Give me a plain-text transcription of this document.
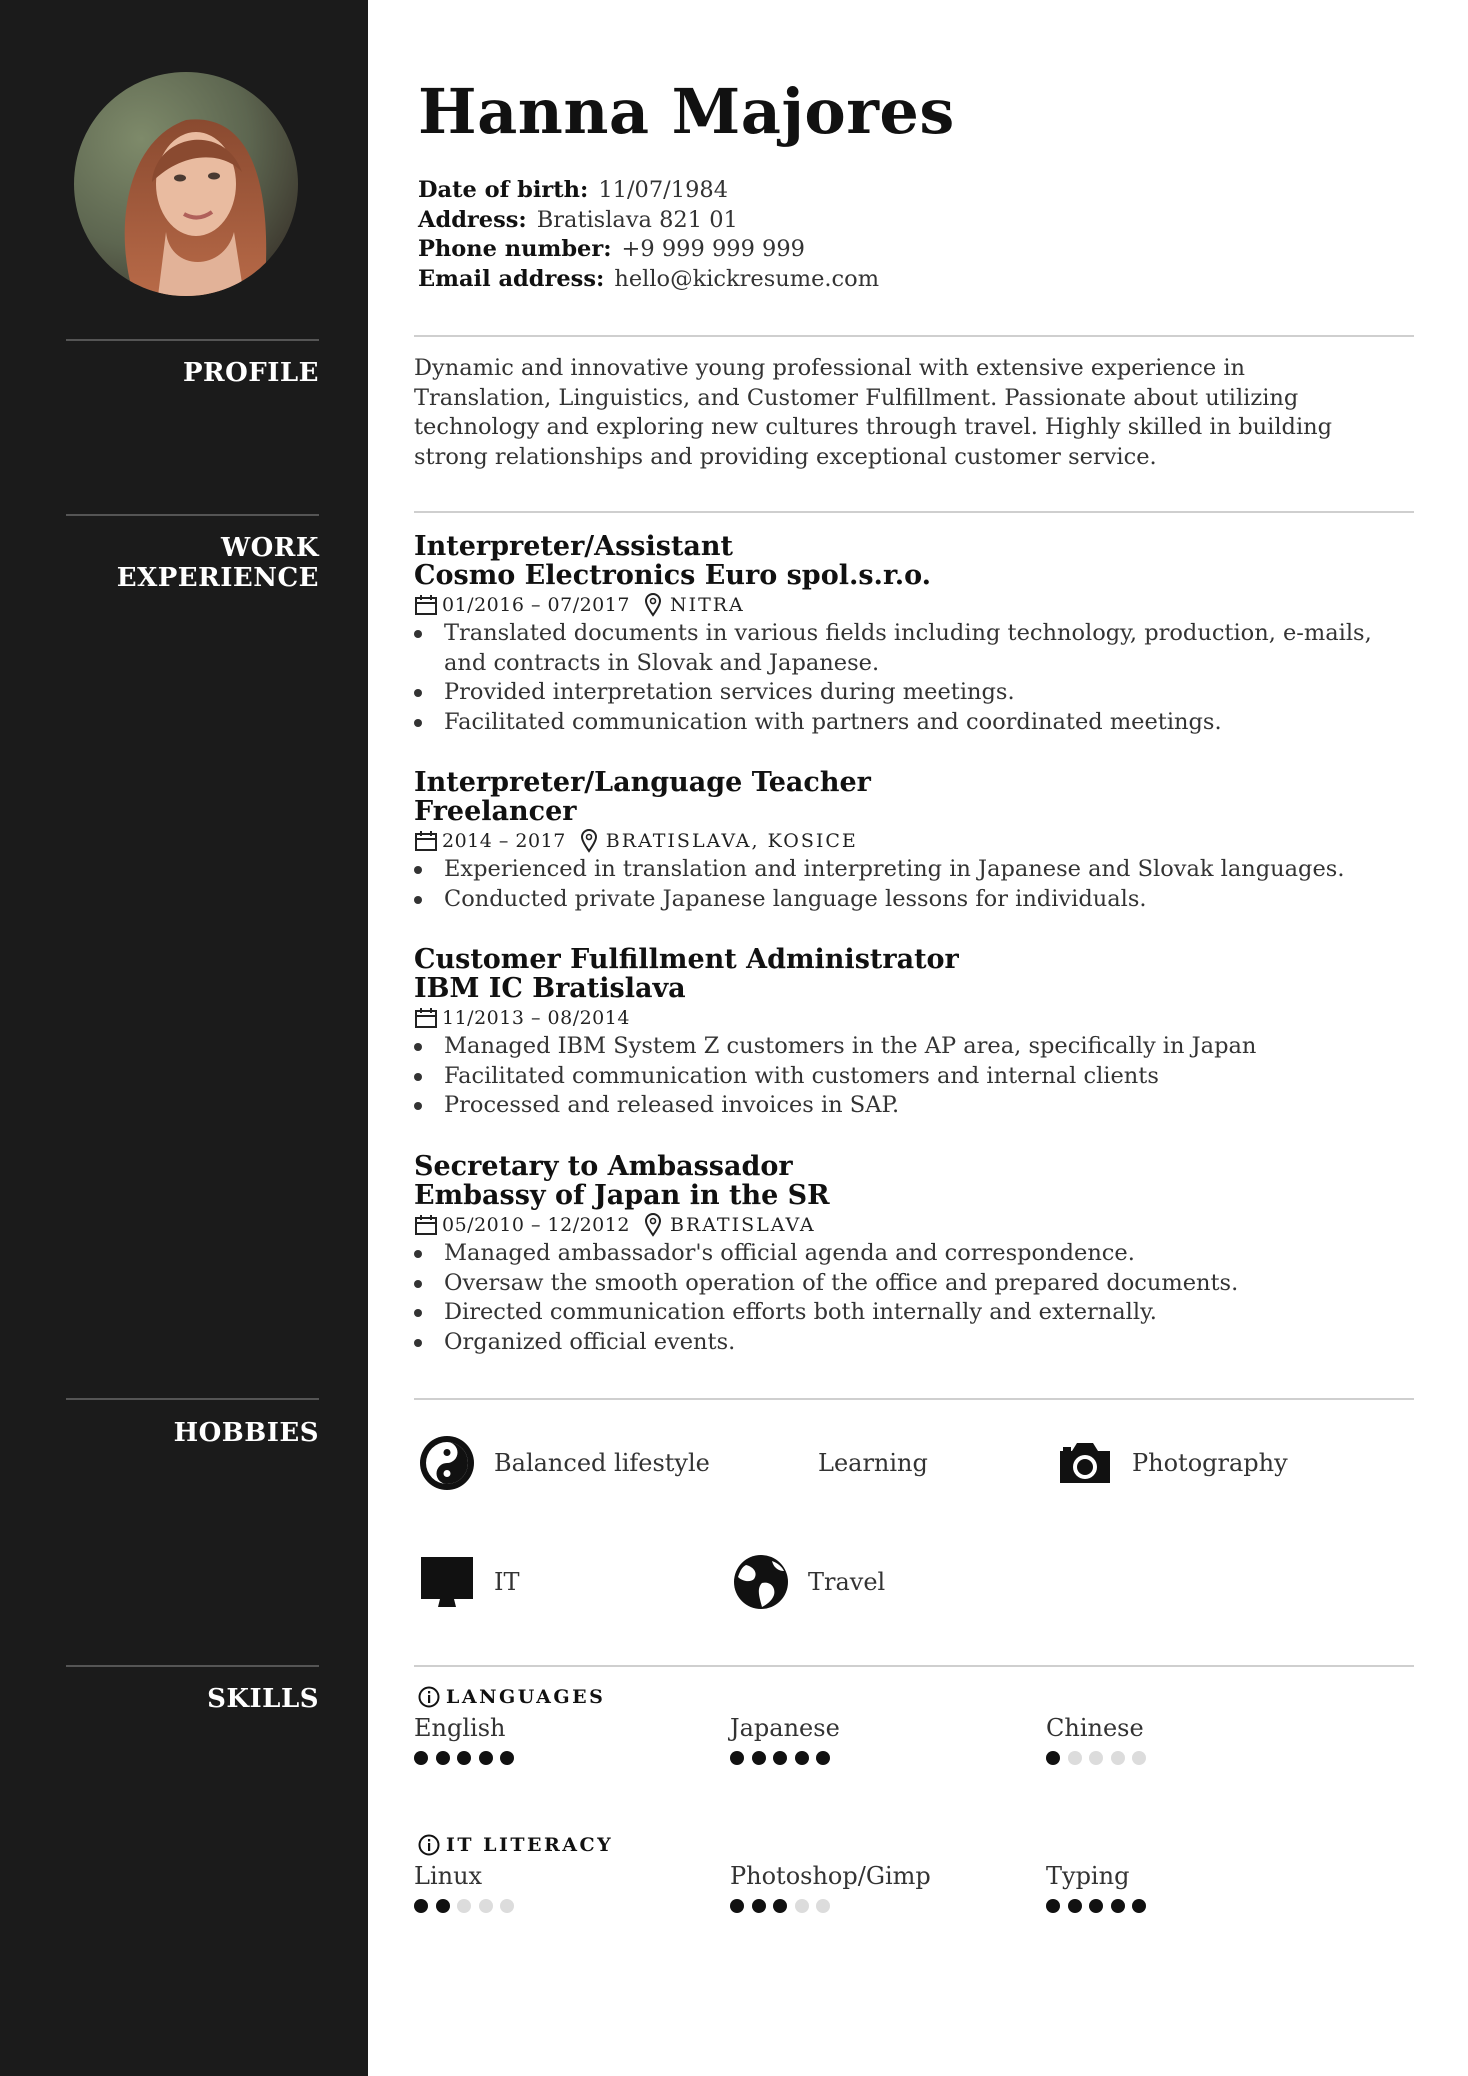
PROFILE
WORK
EXPERIENCE
HOBBIES
SKILLS
Hanna Majores
Date of birth: 11/07/1984
Address: Bratislava 821 01
Phone number: +9 999 999 999
Email address: hello@kickresume.com
Dynamic and innovative young professional with extensive experience in Translation, Linguistics, and Customer Fulfillment. Passionate about utilizing technology and exploring new cultures through travel. Highly skilled in building strong relationships and providing exceptional customer service.
Interpreter/Assistant
Cosmo Electronics Euro spol.s.r.o.
01/2016 – 07/2017 NITRA
Translated documents in various fields including technology, production, e-mails, and contracts in Slovak and Japanese.
Provided interpretation services during meetings.
Facilitated communication with partners and coordinated meetings.
Interpreter/Language Teacher
Freelancer
2014 – 2017 BRATISLAVA, KOSICE
Experienced in translation and interpreting in Japanese and Slovak languages.
Conducted private Japanese language lessons for individuals.
Customer Fulfillment Administrator
IBM IC Bratislava
11/2013 – 08/2014
Managed IBM System Z customers in the AP area, specifically in Japan
Facilitated communication with customers and internal clients
Processed and released invoices in SAP.
Secretary to Ambassador
Embassy of Japan in the SR
05/2010 – 12/2012 BRATISLAVA
Managed ambassador's official agenda and correspondence.
Oversaw the smooth operation of the office and prepared documents.
Directed communication efforts both internally and externally.
Organized official events.
Balanced lifestyle	Learning	Photography
IT	Travel
LANGUAGES
English	Japanese	Chinese
IT LITERACY
Linux	Photoshop/Gimp	Typing
